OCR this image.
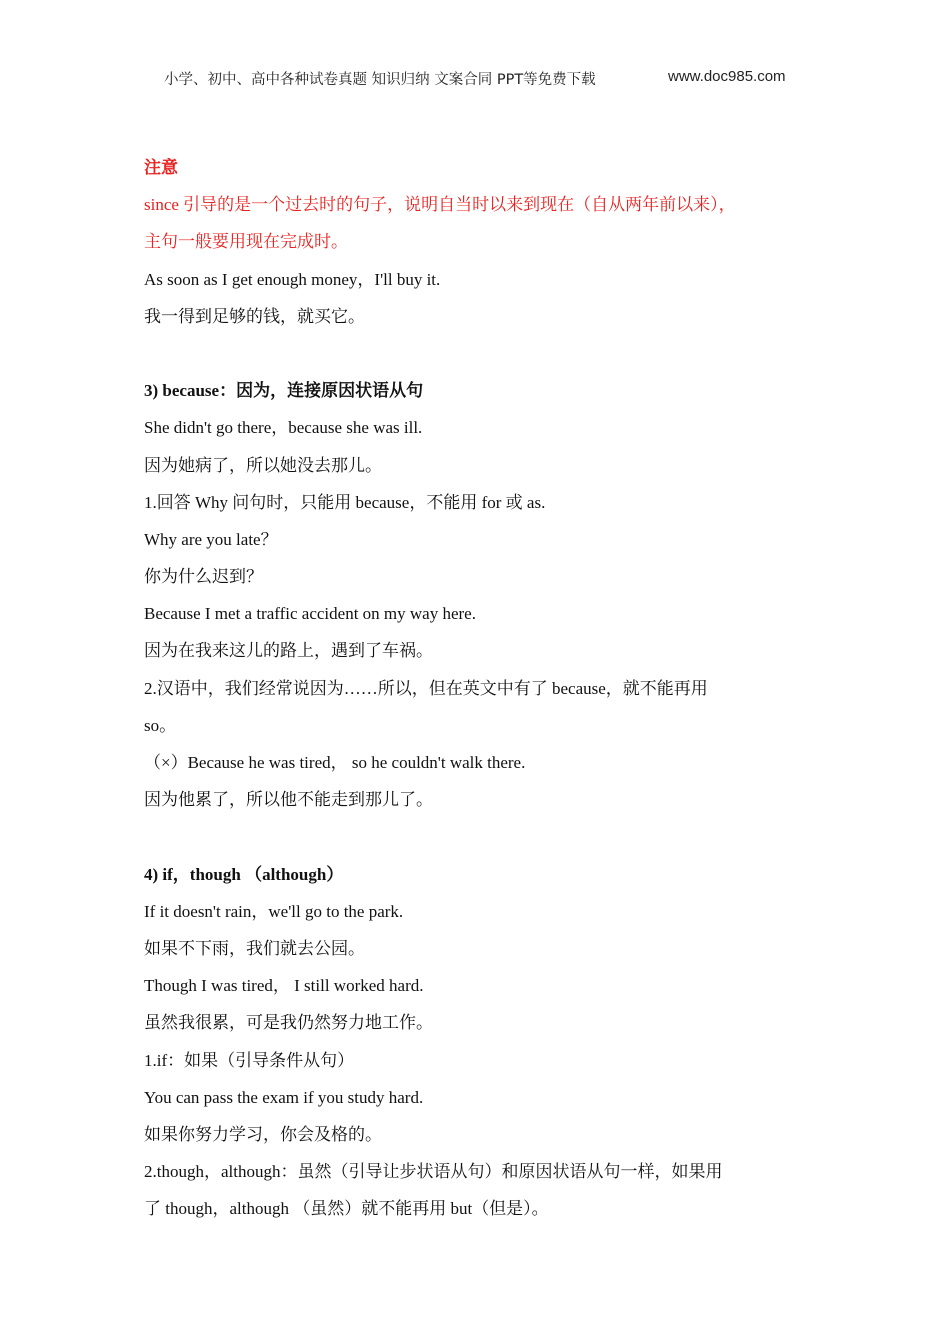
小学、初中、高中各种试卷真题 知识归纳 文案合同 PPT等免费下载	www.doc985.com
注意
since 引导的是一个过去时的句子，说明自当时以来到现在（自从两年前以来），
主句一般要用现在完成时。
As soon as I get enough money，I'll buy it.
我一得到足够的钱，就买它。
3) because：因为，连接原因状语从句
She didn't go there，because she was ill.
因为她病了，所以她没去那儿。
1.回答 Why 问句时，只能用 because，不能用 for 或 as.
Why are you late？
你为什么迟到？
Because I met a traffic accident on my way here.
因为在我来这儿的路上，遇到了车祸。
2.汉语中，我们经常说因为……所以，但在英文中有了 because，就不能再用
so。
（×）Because he was tired， so he couldn't walk there.
因为他累了，所以他不能走到那儿了。
4) if，though （although）
If it doesn't rain，we'll go to the park.
如果不下雨，我们就去公园。
Though I was tired， I still worked hard.
虽然我很累，可是我仍然努力地工作。
1.if：如果（引导条件从句）
You can pass the exam if you study hard.
如果你努力学习，你会及格的。
2.though，although：虽然（引导让步状语从句）和原因状语从句一样，如果用
了 though，although （虽然）就不能再用 but（但是）。
